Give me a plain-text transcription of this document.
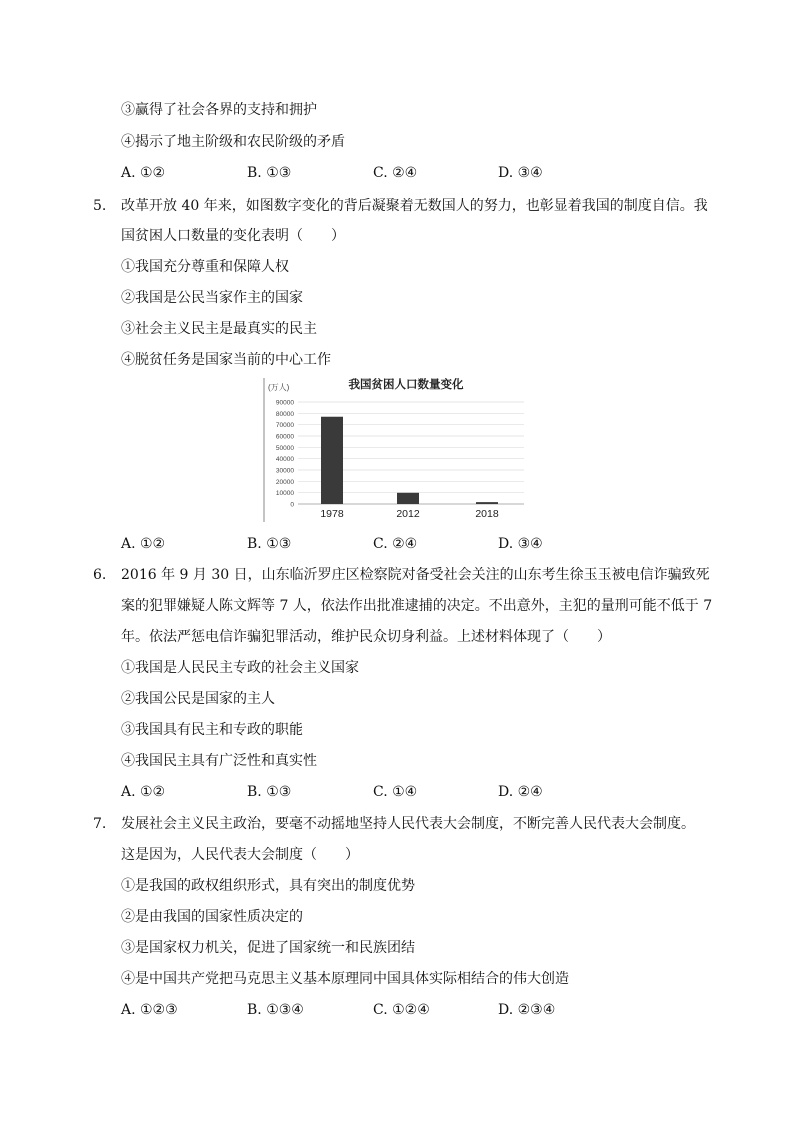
③赢得了社会各界的支持和拥护
④揭示了地主阶级和农民阶级的矛盾
A. ①②	B. ①③	C. ②④	D. ③④
5. 改革开放 40 年来，如图数字变化的背后凝聚着无数国人的努力，也彰显着我国的制度自信。我
国贫困人口数量的变化表明（　　）
①我国充分尊重和保障人权
②我国是公民当家作主的国家
③社会主义民主是最真实的民主
④脱贫任务是国家当前的中心工作
(万人)	我国贫困人口数量变化
90000
80000
70000
60000
50000
40000
30000
20000
10000
0
1978	2012	2018
A. ①②	B. ①③	C. ②④	D. ③④
6. 2016 年 9 月 30 日，山东临沂罗庄区检察院对备受社会关注的山东考生徐玉玉被电信诈骗致死
案的犯罪嫌疑人陈文辉等 7 人，依法作出批准逮捕的决定。不出意外，主犯的量刑可能不低于 7
年。依法严惩电信诈骗犯罪活动，维护民众切身利益。上述材料体现了（　　）
①我国是人民民主专政的社会主义国家
②我国公民是国家的主人
③我国具有民主和专政的职能
④我国民主具有广泛性和真实性
A. ①②	B. ①③	C. ①④	D. ②④
7. 发展社会主义民主政治，要毫不动摇地坚持人民代表大会制度，不断完善人民代表大会制度。
这是因为，人民代表大会制度（　　）
①是我国的政权组织形式，具有突出的制度优势
②是由我国的国家性质决定的
③是国家权力机关，促进了国家统一和民族团结
④是中国共产党把马克思主义基本原理同中国具体实际相结合的伟大创造
A. ①②③	B. ①③④	C. ①②④	D. ②③④
